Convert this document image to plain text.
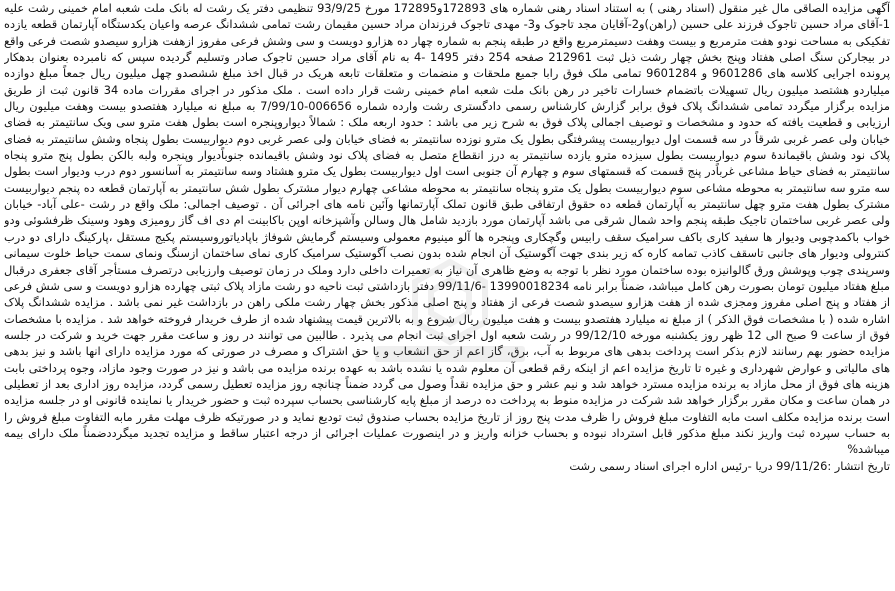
آگهی مزایده الصاقی مال غیر منقول (اسناد رهنی ) به استناد اسناد رهنی شماره های 172893و172895 مورخ 93/9/25 تنظیمی دفتر یک رشت له بانک ملت شعبه امام خمینی رشت علیه 1-آقای مراد حسین تاجوک فرزند علی حسین (راهن)و2-آقایان مجد تاجوک و3- مهدی تاجوک فرزندان مراد حسین مقیمان رشت تمامی ششدانگ عرصه واعیان یکدستگاه آپارتمان قطعه یازده تفکیکی به مساحت نودو هفت مترمربع و بیست وهفت دسیمترمربع واقع در طبقه پنجم به شماره چهار ده هزارو دویست و سی وشش فرعی مفروز ازهفت هزارو سیصدو شصت فرعی واقع در بیجارکن سنگ اصلی هفتاد وپنج بخش چهار رشت ذیل ثبت 212961 صفحه 254 دفتر 1495 -4 به نام آقای مراد حسین تاجوک صادر وتسلیم گردیده سپس که نامبرده بعنوان بدهکار پرونده اجرایی کلاسه های 9601286 و 9601284 تمامی ملک فوق رابا جمیع ملحقات و منضمات و متعلقات تابعه هریک در قبال اخذ مبلغ ششصدو چهل میلیون ریال جمعاً مبلغ دوازده میلیاردو هشتصد میلیون ریال تسهیلات باتضمام خسارات تاخیر در رهن بانک ملت شعبه امام خمینی رشت قرار داده است . ملک مذکور در اجرای مقررات ماده 34 قانون ثبت از طریق مزایده برگزار میگردد تمامی ششدانگ پلاک فوق برابر گزارش کارشناس رسمی دادگستری رشت وارده شماره 006656-7/99/10 به مبلغ نه میلیارد هفتصدو بیست وهفت میلیون ریال ارزیابی و قطعیت یافته که حدود و مشخصات و توصیف اجمالی پلاک فوق به شرح زیر می باشد : حدود اربعه ملک : شمالاً دیواروپنجره است بطول هفت مترو سی ویک سانتیمتر به فضای خیابان ولی عصر غربی شرقاً در سه قسمت اول دیواربیست پیشرفتگی بطول یک مترو نوزده سانتیمتر به فضای خیابان ولی عصر غربی دوم دیواربیست بطول پنجاه وشش سانتیمتر به فضای پلاک نود وشش باقیماندهٔ سوم دیواربیست بطول سیزده مترو یازده سانتیمتر به درز انقطاع متصل به فضای پلاک نود وشش باقیمانده جنوباًدیوار وپنجره ولبه بالکن بطول پنج مترو پنجاه سانتیمتر به فضای حیاط مشاعی غرباًدر پنج قسمت که قسمتهای سوم و چهارم آن جنوبی است اول دیواربیست بطول یک مترو هشتاد وسه سانتیمتر به آسانسور دوم درب ودیوار است بطول سه مترو سه سانتیمتر به محوطه مشاعی سوم دیواربیست بطول یک مترو پنجاه سانتیمتر به محوطه مشاعی چهارم دیوار مشترک بطول شش سانتیمتر به آپارتمان قطعه ده پنجم دیواربیست مشترک بطول هفت مترو چهل سانتیمتر به آپارتمان قطعه ده حقوق ارتفاقی طبق قانون تملک آپارتمانها وآئین نامه های اجرائی آن . توصیف اجمالی: ملک واقع در رشت -علی آباد- خیابان ولی عصر غربی ساختمان تاجیک طبقه پنجم واحد شمال شرقی می باشد آپارتمان مورد بازدید شامل هال وسالن وآشپزخانه اوپن باکابینت ام دی اف گاز رومیزی وهود وسینک ظرفشوئی ودو خواب باکمدچوبی ودیوار ها سفید کاری باکف سرامیک سقف رابیس وگچکاری وپنجره ها آلو مینیوم معمولی وسیستم گرمایش شوفاژ باپادیاتوروسیستم پکیج مستقل ،پارکینگ دارای دو درب کنترولی ودیوار های جانبی تاسقف کاذب تمامه کاره که زیر بندی جهت آگوستیک آن انجام شده بدون نصب آگوستیک سرامیک کاری نمای ساختمان ازسنگ ونمای سمت حیاط خلوت سیمانی وسرپندی چوب وپوشش ورق گالوانیزه بوده ساختمان مورد نظر با توجه به وضع ظاهری آن نیاز به تعمیرات داخلی دارد وملک در زمان توصیف وارزیابی درتصرف مستأجر آقای جعفری درقبال مبلغ هفتاد میلیون تومان بصورت رهن کامل میباشد، ضمناً برابر نامه 13990018234 -99/11/6 دفتر بازداشتی ثبت ناحیه دو رشت مازاد پلاک ثبتی چهارده هزارو دویست و سی شش فرعی از هفتاد و پنج اصلی مفروز ومجزی شده از هفت هزارو سیصدو شصت فرعی از هفتاد و پنج اصلی مذکور بخش چهار رشت ملکی راهن در بازداشت غیر نمی باشد . مزایده ششدانگ پلاک اشاره شده ( با مشخصات فوق الذکر ) از مبلغ نه میلیارد هفتصدو بیست و هفت میلیون ریال شروع و به بالاترین قیمت پیشنهاد شده از طرف خریدار فروخته خواهد شد . مزایده با مشخصات فوق از ساعت 9 صبح الی 12 ظهر روز یکشنبه مورخه 99/12/10 در رشت شعبه اول اجرای ثبت انجام می پذیرد . طالبین می توانند در روز و ساعت مقرر جهت خرید و شرکت در جلسه مزایده حضور بهم رسانند لازم بذکر است پرداخت بدهی های مربوط به آب، برق، گاز اعم از حق انشعاب و یا حق اشتراک و مصرف در صورتی که مورد مزایده دارای انها باشد و نیز بدهی های مالیاتی و عوارض شهرداری و غیره تا تاریخ مزایده اعم از اینکه رقم قطعی آن معلوم شده یا نشده باشد به عهده برنده مزایده می باشد و نیز در صورت وجود مازاد، وجوه پرداختی بابت هزینه های فوق از محل مازاد به برنده مزایده مسترد خواهد شد و نیم عشر و حق مزایده نقداً وصول می گردد ضمناً چنانچه روز مزایده تعطیل رسمی گردد، مزایده روز اداری بعد از تعطیلی در همان ساعت و مکان مقرر برگزار خواهد شد شرکت در مزایده منوط به پرداخت ده درصد از مبلغ پایه کارشناسی بحساب سپرده ثبت و حضور خریدار یا نماینده قانونی او در جلسه مزایده است برنده مزایده مکلف است مابه التفاوت مبلغ فروش را ظرف مدت پنج روز از تاریخ مزایده بحساب صندوق ثبت تودیع نماید و در صورتیکه ظرف مهلت مقرر مابه التفاوت مبلغ فروش را به حساب سپرده ثبت واریز نکند مبلغ مذکور قابل استرداد نبوده و بحساب خزانه واریز و در اینصورت عملیات اجرائی از درجه اعتبار ساقط و مزایده تجدید میگرددضمناً ملک دارای بیمه میباشد%

تاریخ انتشار :99/11/26 دریا -رئیس اداره اجرای اسناد رسمی رشت
